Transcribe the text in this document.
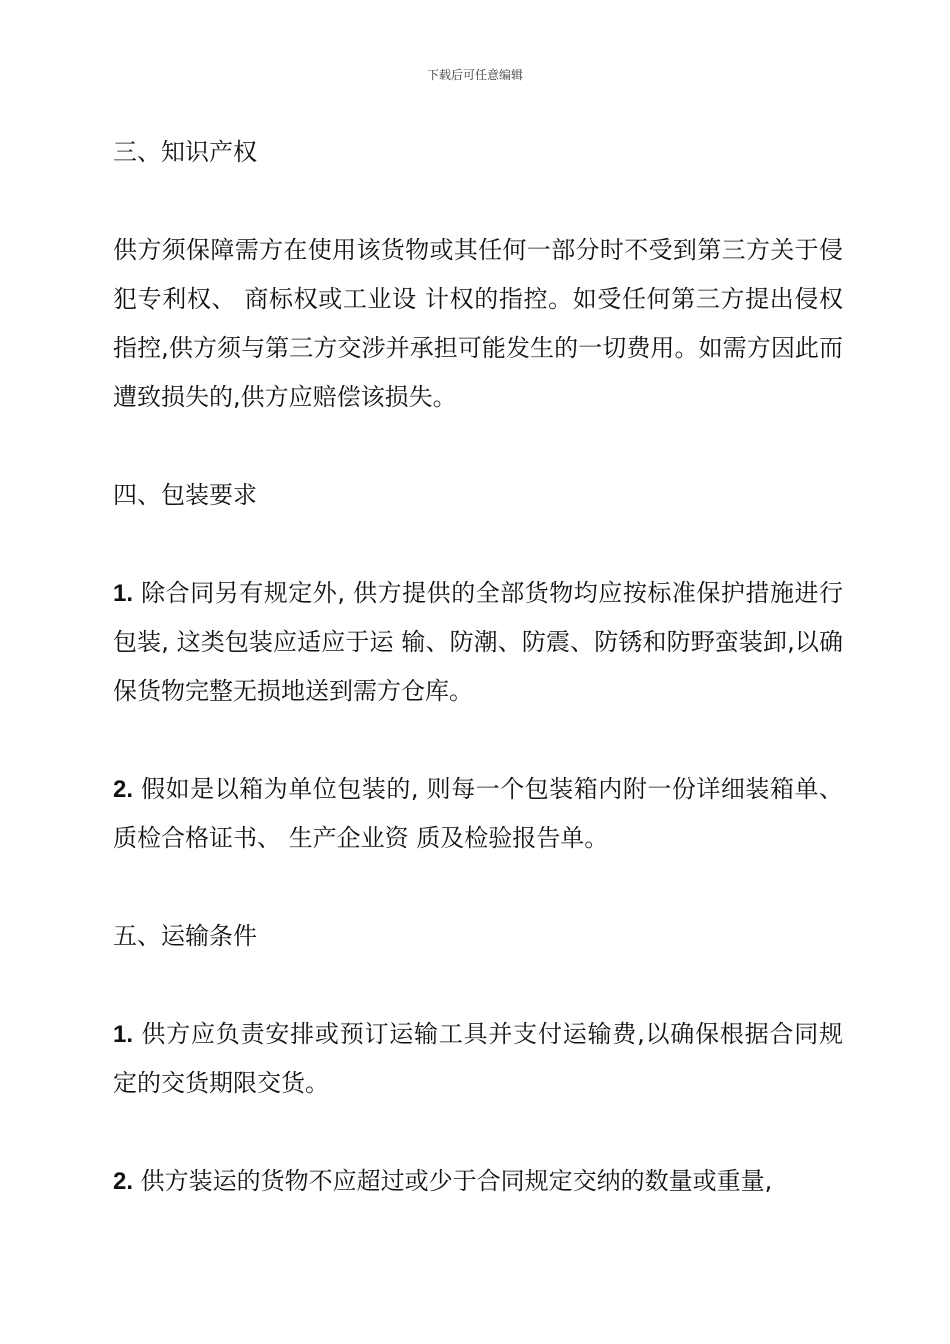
下载后可任意编辑
三、知识产权
供方须保障需方在使用该货物或其任何一部分时不受到第三方关于侵犯专利权、 商标权或工业设 计权的指控。如受任何第三方提出侵权指控,供方须与第三方交涉并承担可能发生的一切费用。如需方因此而遭致损失的,供方应赔偿该损失。
四、包装要求
1. 除合同另有规定外, 供方提供的全部货物均应按标准保护措施进行包装, 这类包装应适应于运 输、防潮、防震、防锈和防野蛮装卸,以确保货物完整无损地送到需方仓库。
2. 假如是以箱为单位包装的, 则每一个包装箱内附一份详细装箱单、 质检合格证书、 生产企业资 质及检验报告单。
五、运输条件
1. 供方应负责安排或预订运输工具并支付运输费,以确保根据合同规定的交货期限交货。
2. 供方装运的货物不应超过或少于合同规定交纳的数量或重量,
